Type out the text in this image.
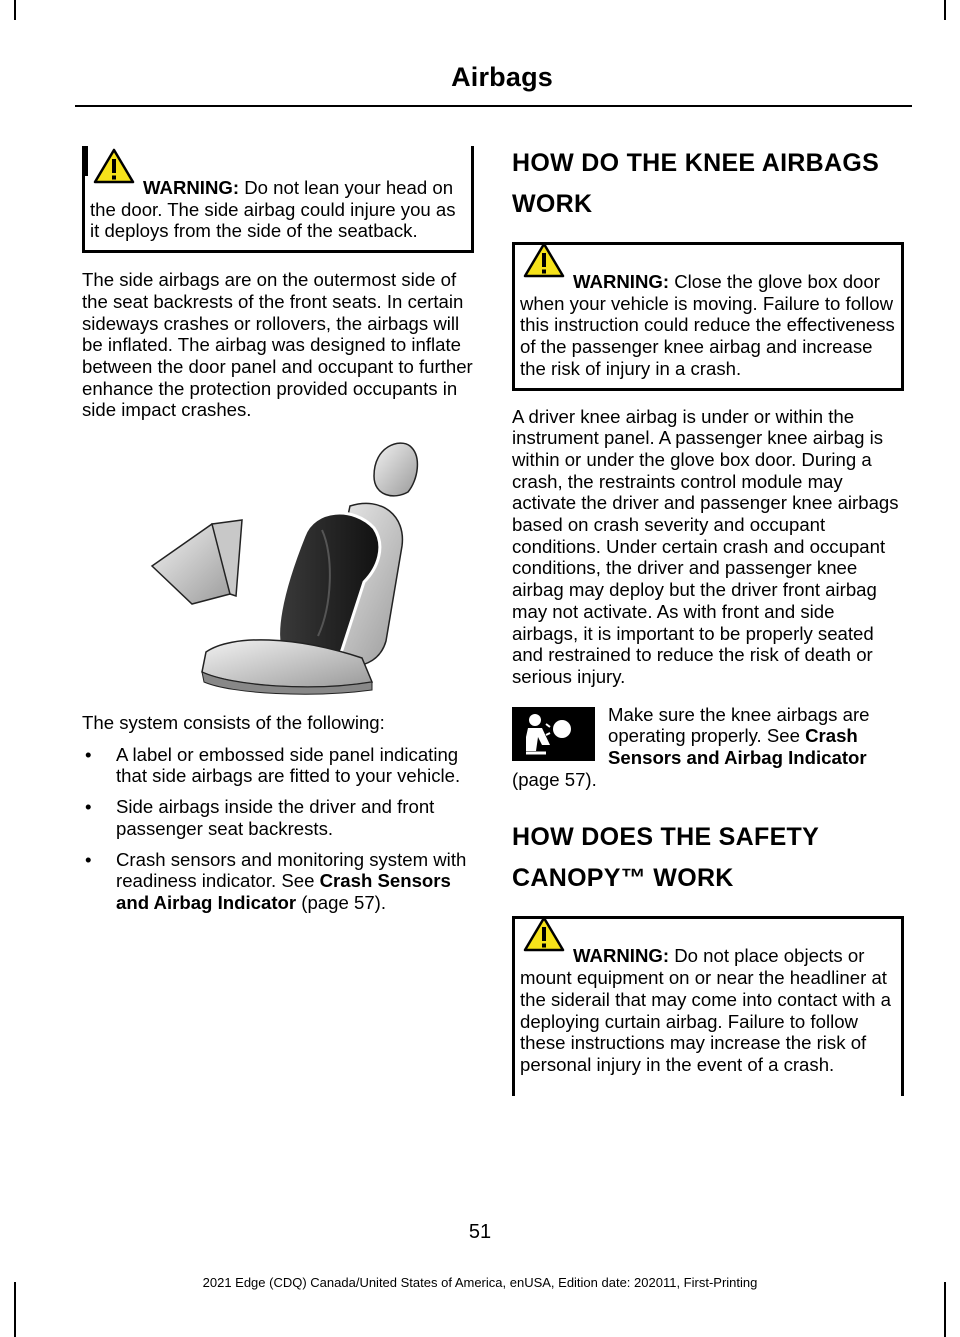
Airbags

WARNING: Do not lean your head on the door. The side airbag could injure you as it deploys from the side of the seatback.

The side airbags are on the outermost side of the seat backrests of the front seats. In certain sideways crashes or rollovers, the airbags will be inflated. The airbag was designed to inflate between the door panel and occupant to further enhance the protection provided occupants in side impact crashes.

The system consists of the following:

• A label or embossed side panel indicating that side airbags are fitted to your vehicle.
• Side airbags inside the driver and front passenger seat backrests.
• Crash sensors and monitoring system with readiness indicator. See Crash Sensors and Airbag Indicator (page 57).
HOW DO THE KNEE AIRBAGS
WORK

WARNING: Close the glove box door when your vehicle is moving. Failure to follow this instruction could reduce the effectiveness of the passenger knee airbag and increase the risk of injury in a crash.

A driver knee airbag is under or within the instrument panel. A passenger knee airbag is within or under the glove box door. During a crash, the restraints control module may activate the driver and passenger knee airbags based on crash severity and occupant conditions. Under certain crash and occupant conditions, the driver and passenger knee airbag may deploy but the driver front airbag may not activate. As with front and side airbags, it is important to be properly seated and restrained to reduce the risk of death or serious injury.

Make sure the knee airbags are operating properly. See Crash Sensors and Airbag Indicator

(page 57).

HOW DOES THE SAFETY
CANOPY™ WORK

WARNING: Do not place objects or mount equipment on or near the headliner at the siderail that may come into contact with a deploying curtain airbag. Failure to follow these instructions may increase the risk of personal injury in the event of a crash.

51
2021 Edge (CDQ) Canada/United States of America, enUSA, Edition date: 202011, First-Printing
